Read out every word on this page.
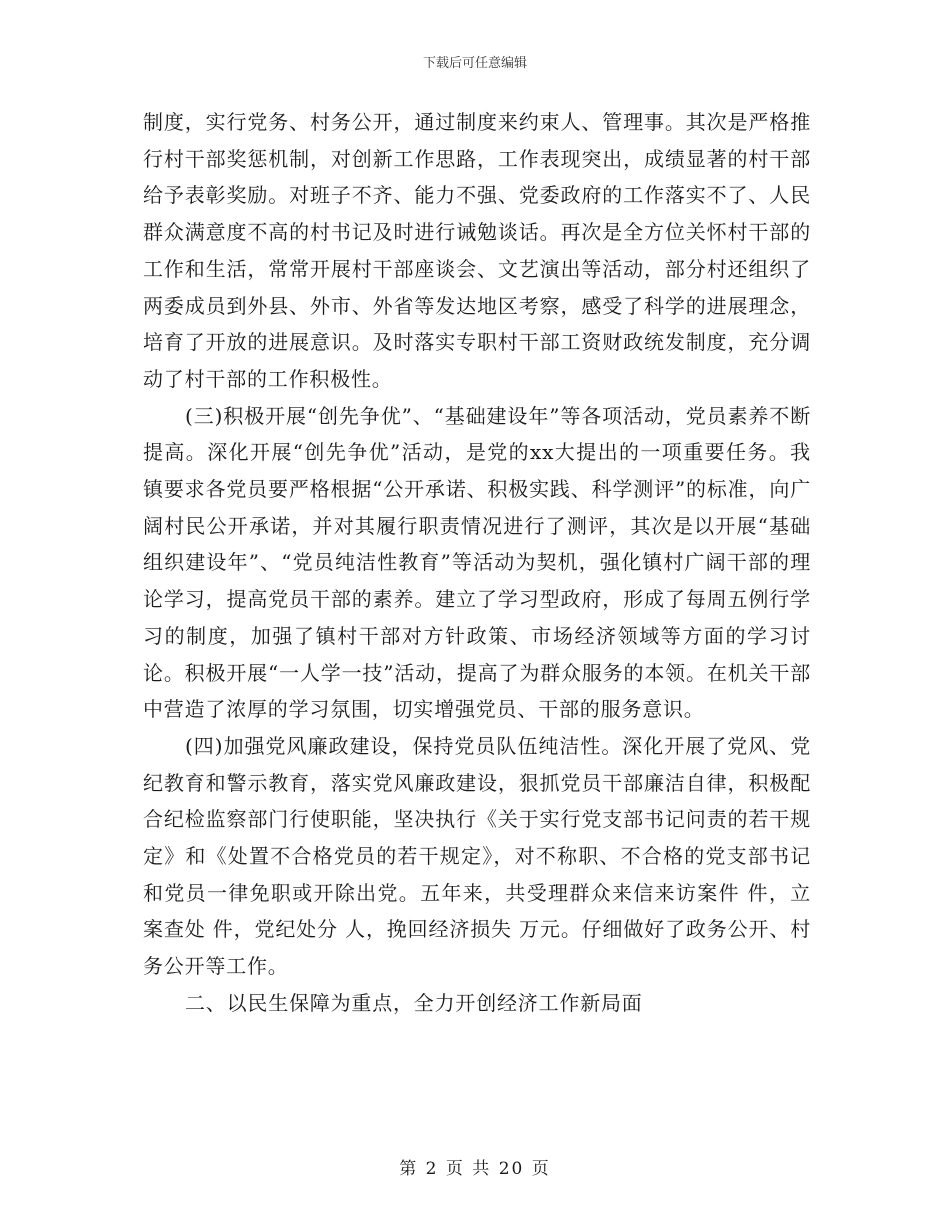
下载后可任意编辑

制度，实行党务、村务公开，通过制度来约束人、管理事。其次是严格推行村干部奖惩机制，对创新工作思路，工作表现突出，成绩显著的村干部给予表彰奖励。对班子不齐、能力不强、党委政府的工作落实不了、人民群众满意度不高的村书记及时进行诫勉谈话。再次是全方位关怀村干部的工作和生活，常常开展村干部座谈会、文艺演出等活动，部分村还组织了两委成员到外县、外市、外省等发达地区考察，感受了科学的进展理念，培育了开放的进展意识。及时落实专职村干部工资财政统发制度，充分调动了村干部的工作积极性。

(三)积极开展“创先争优”、“基础建设年”等各项活动，党员素养不断提高。深化开展“创先争优”活动，是党的xx大提出的一项重要任务。我镇要求各党员要严格根据“公开承诺、积极实践、科学测评”的标准，向广阔村民公开承诺，并对其履行职责情况进行了测评，其次是以开展“基础组织建设年”、“党员纯洁性教育”等活动为契机，强化镇村广阔干部的理论学习，提高党员干部的素养。建立了学习型政府，形成了每周五例行学习的制度，加强了镇村干部对方针政策、市场经济领域等方面的学习讨论。积极开展“一人学一技”活动，提高了为群众服务的本领。在机关干部中营造了浓厚的学习氛围，切实增强党员、干部的服务意识。

(四)加强党风廉政建设，保持党员队伍纯洁性。深化开展了党风、党纪教育和警示教育，落实党风廉政建设，狠抓党员干部廉洁自律，积极配合纪检监察部门行使职能，坚决执行《关于实行党支部书记问责的若干规定》和《处置不合格党员的若干规定》，对不称职、不合格的党支部书记和党员一律免职或开除出党。五年来，共受理群众来信来访案件 件，立案查处 件，党纪处分 人，挽回经济损失 万元。仔细做好了政务公开、村务公开等工作。

二、以民生保障为重点，全力开创经济工作新局面

第 2 页 共 20 页
